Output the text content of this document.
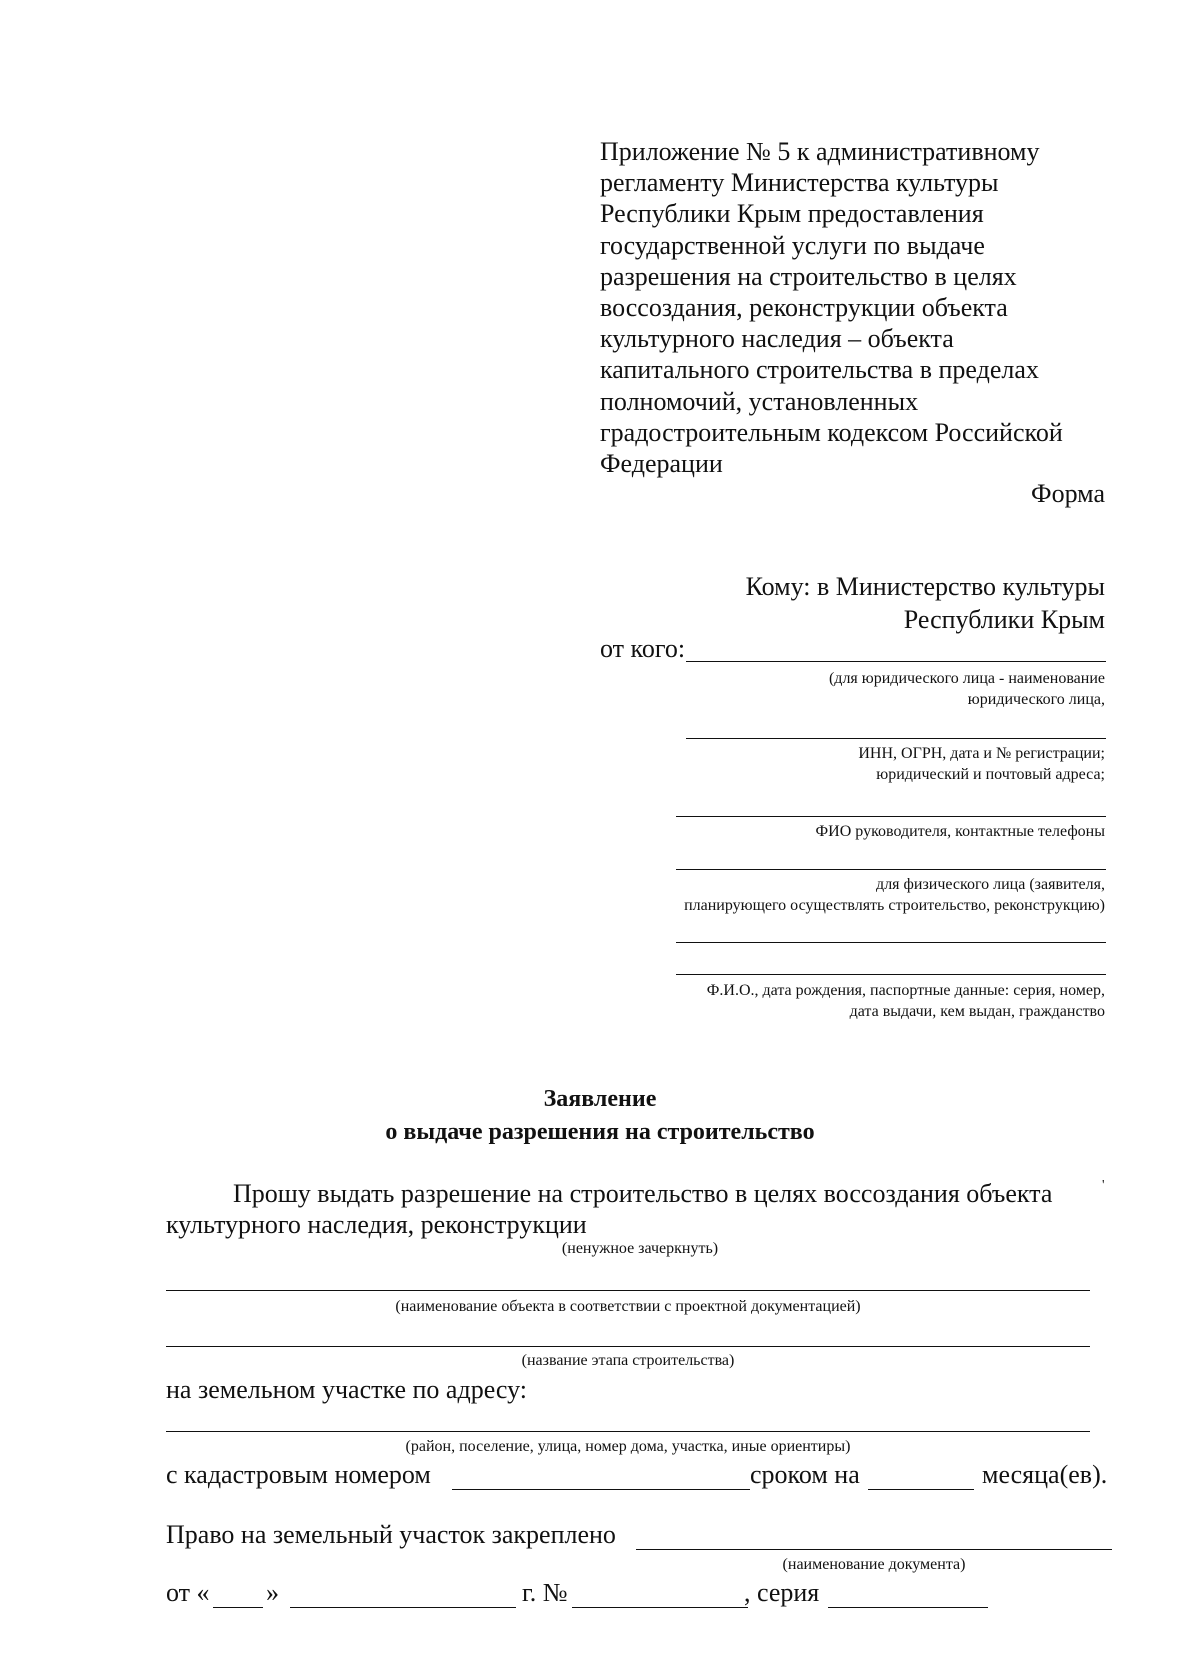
Приложение № 5 к административному
регламенту Министерства культуры
Республики Крым предоставления
государственной услуги по выдаче
разрешения на строительство в целях
воссоздания, реконструкции объекта
культурного наследия – объекта
капитального строительства в пределах
полномочий, установленных
градостроительным кодексом Российской
Федерации
Форма
Кому: в Министерство культуры
Республики Крым
от кого:
(для юридического лица - наименование
юридического лица,
ИНН, ОГРН, дата и № регистрации;
юридический и почтовый адреса;
ФИО руководителя, контактные телефоны
для физического лица (заявителя,
планирующего осуществлять строительство, реконструкцию)
Ф.И.О., дата рождения, паспортные данные: серия, номер,
дата выдачи, кем выдан, гражданство
Заявление
о выдаче разрешения на строительство
Прошу выдать разрешение на строительство в целях воссоздания объекта	'
культурного наследия, реконструкции
(ненужное зачеркнуть)
(наименование объекта в соответствии с проектной документацией)
(название этапа строительства)
на земельном участке по адресу:
(район, поселение, улица, номер дома, участка, иные ориентиры)
с кадастровым номером	сроком на	месяца(ев).
Право на земельный участок закреплено
(наименование документа)
от « »	г. №	, серия
